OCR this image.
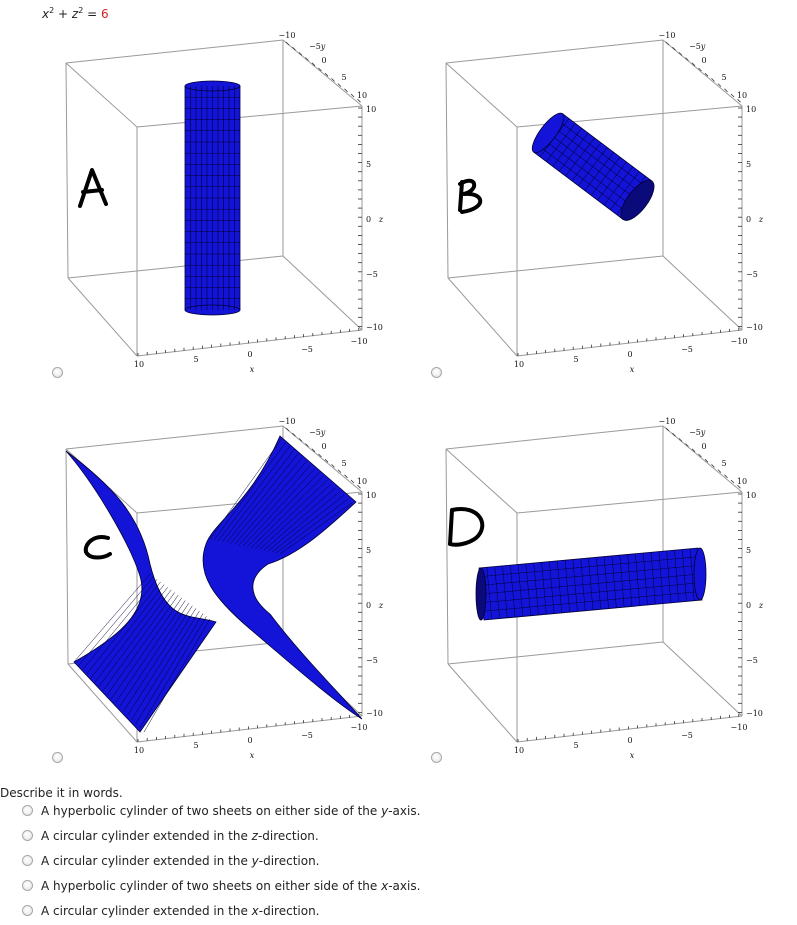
$x^2 + z^2 = 6$
−10
−5
0
5
y
10
10
5
0
−5
−10
z
10
5
0
−5
−10
x
−10
−5
0
5
y
10
10
5
0
−5
−10
z
10
5
0
−5
−10
x
−10
−5
0
5
y
10
10
5
0
−5
−10
z
10
5
0
−5
−10
x
−10
−5
0
5
y
10
10
5
0
−5
−10
z
10
5
0
−5
−10
x
Describe it in words.
A hyperbolic cylinder of two sheets on either side of the y-axis.
A circular cylinder extended in the z-direction.
A circular cylinder extended in the y-direction.
A hyperbolic cylinder of two sheets on either side of the x-axis.
A circular cylinder extended in the x-direction.
